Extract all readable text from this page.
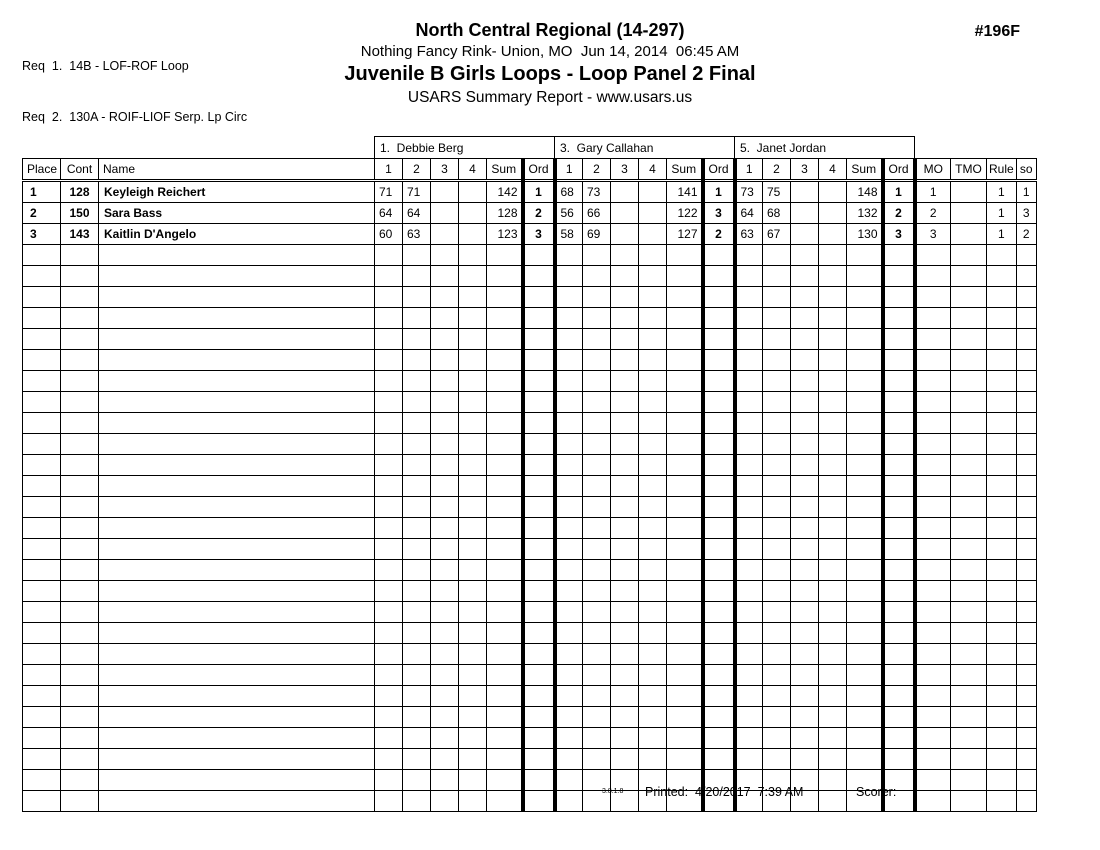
Req  1.  14B - LOF-ROF Loop

Req  2.  130A - ROIF-LIOF Serp. Lp Circ

North Central Regional (14-297)
Nothing Fancy Rink- Union, MO  Jun 14, 2014  06:45 AM
Juvenile B Girls Loops - Loop Panel 2 Final
USARS Summary Report - www.usars.us
#196F
			1.  Debbie Berg						3.  Gary Callahan						5.  Janet Jordan									
Place	Cont	Name	1	2	3	4	Sum	Ord	1	2	3	4	Sum	Ord	1	2	3	4	Sum	Ord	MO	TMO	Rule	so
1	128	Keyleigh Reichert	71	71			142	1	68	73			141	1	73	75			148	1	1		1	1
2	150	Sara Bass	64	64			128	2	56	66			122	3	64	68			132	2	2		1	3
3	143	Kaitlin D'Angelo	60	63			123	3	58	69			127	2	63	67			130	3	3		1	2

3.8.1.8 Printed:  4/20/2017  7:39 AM	Scorer:
